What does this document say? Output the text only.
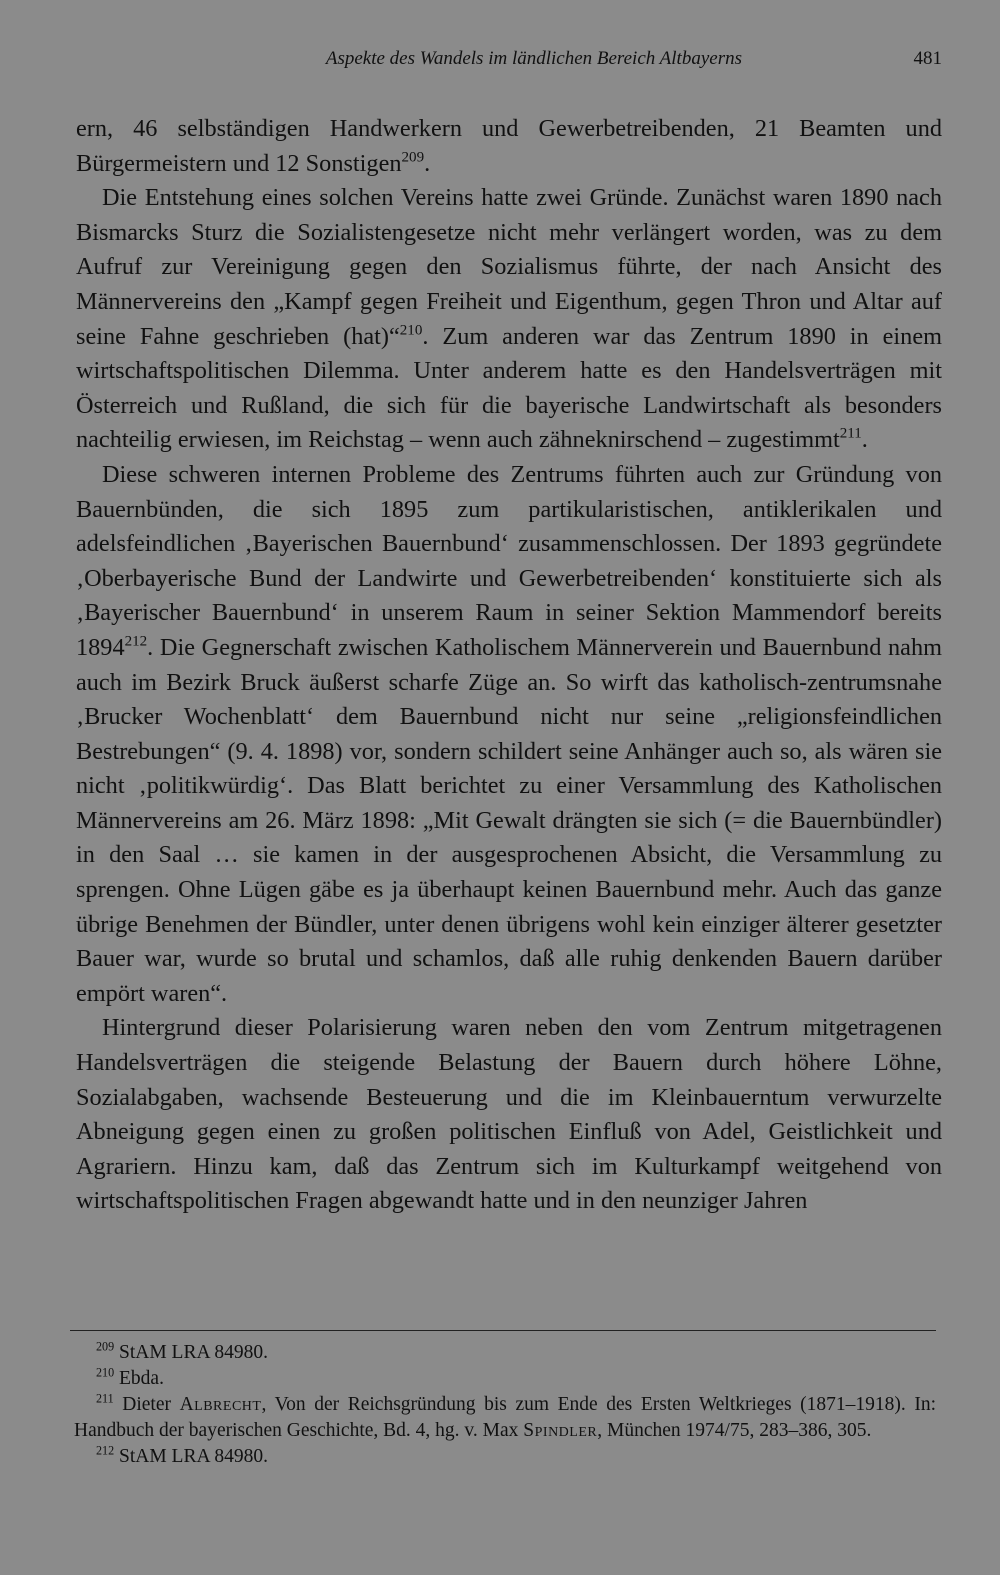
Aspekte des Wandels im ländlichen Bereich Altbayerns	481

ern, 46 selbständigen Handwerkern und Gewerbetreibenden, 21 Beamten und Bürgermeistern und 12 Sonstigen$^{209}$.

Die Entstehung eines solchen Vereins hatte zwei Gründe. Zunächst waren 1890 nach Bismarcks Sturz die Sozialistengesetze nicht mehr verlängert worden, was zu dem Aufruf zur Vereinigung gegen den Sozialismus führte, der nach Ansicht des Männervereins den „Kampf gegen Freiheit und Eigenthum, gegen Thron und Altar auf seine Fahne geschrieben (hat)“$^{210}$. Zum anderen war das Zentrum 1890 in einem wirtschaftspolitischen Dilemma. Unter anderem hatte es den Handelsverträgen mit Österreich und Rußland, die sich für die bayerische Landwirtschaft als besonders nachteilig erwiesen, im Reichstag – wenn auch zähneknirschend – zugestimmt$^{211}$.

Diese schweren internen Probleme des Zentrums führten auch zur Gründung von Bauernbünden, die sich 1895 zum partikularistischen, antiklerikalen und adelsfeindlichen ‚Bayerischen Bauernbund‘ zusammenschlossen. Der 1893 gegründete ‚Oberbayerische Bund der Landwirte und Gewerbetreibenden‘ konstituierte sich als ‚Bayerischer Bauernbund‘ in unserem Raum in seiner Sektion Mammendorf bereits 1894$^{212}$. Die Gegnerschaft zwischen Katholischem Männerverein und Bauernbund nahm auch im Bezirk Bruck äußerst scharfe Züge an. So wirft das katholisch-zentrumsnahe ‚Brucker Wochenblatt‘ dem Bauernbund nicht nur seine „religionsfeindlichen Bestrebungen“ (9. 4. 1898) vor, sondern schildert seine Anhänger auch so, als wären sie nicht ‚politikwürdig‘. Das Blatt berichtet zu einer Versammlung des Katholischen Männervereins am 26. März 1898: „Mit Gewalt drängten sie sich (= die Bauernbündler) in den Saal … sie kamen in der ausgesprochenen Absicht, die Versammlung zu sprengen. Ohne Lügen gäbe es ja überhaupt keinen Bauernbund mehr. Auch das ganze übrige Benehmen der Bündler, unter denen übrigens wohl kein einziger älterer gesetzter Bauer war, wurde so brutal und schamlos, daß alle ruhig denkenden Bauern darüber empört waren“.

Hintergrund dieser Polarisierung waren neben den vom Zentrum mitgetragenen Handelsverträgen die steigende Belastung der Bauern durch höhere Löhne, Sozialabgaben, wachsende Besteuerung und die im Kleinbauerntum verwurzelte Abneigung gegen einen zu großen politischen Einfluß von Adel, Geistlichkeit und Agrariern. Hinzu kam, daß das Zentrum sich im Kulturkampf weitgehend von wirtschaftspolitischen Fragen abgewandt hatte und in den neunziger Jahren

$^{209}$ StAM LRA 84980.

$^{210}$ Ebda.

$^{211}$ Dieter Albrecht, Von der Reichsgründung bis zum Ende des Ersten Weltkrieges (1871–1918). In: Handbuch der bayerischen Geschichte, Bd. 4, hg. v. Max Spindler, München 1974/75, 283–386, 305.

$^{212}$ StAM LRA 84980.
